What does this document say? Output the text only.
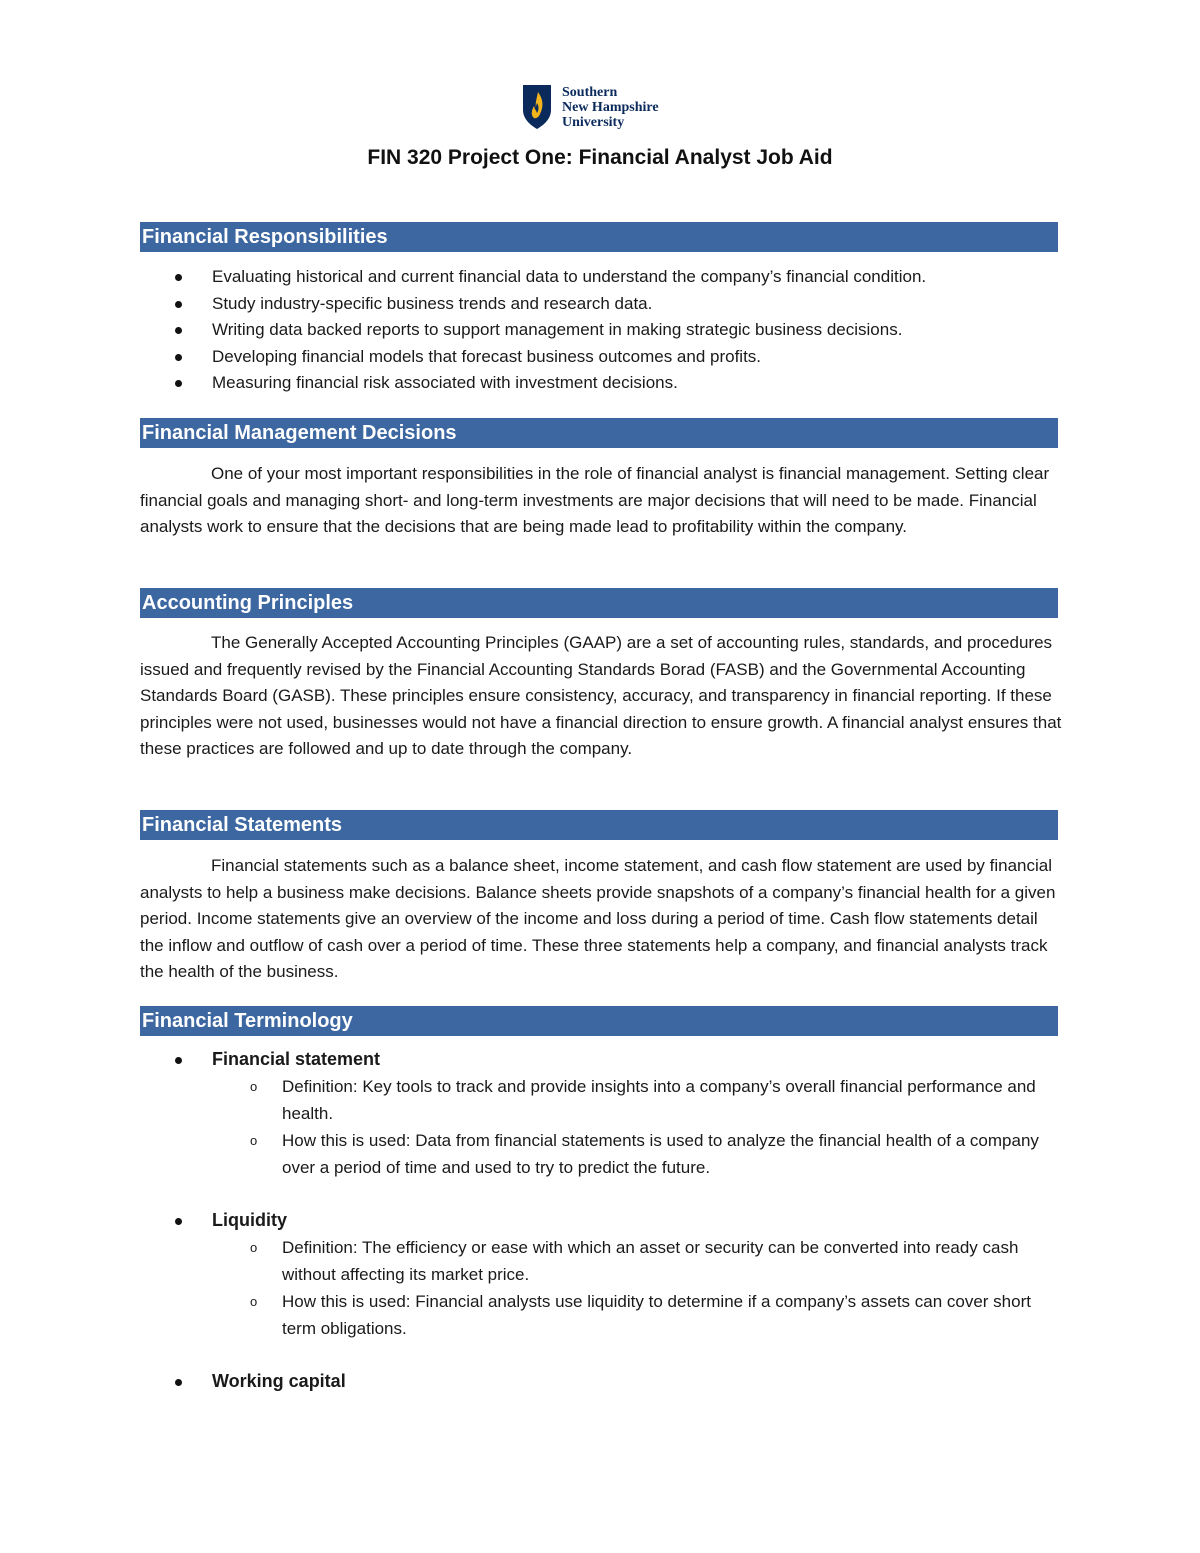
Southern
New Hampshire
University
FIN 320 Project One: Financial Analyst Job Aid
Financial Responsibilities
Evaluating historical and current financial data to understand the company’s financial condition.
Study industry-specific business trends and research data.
Writing data backed reports to support management in making strategic business decisions.
Developing financial models that forecast business outcomes and profits.
Measuring financial risk associated with investment decisions.
Financial Management Decisions

One of your most important responsibilities in the role of financial analyst is financial management. Setting clear financial goals and managing short- and long-term investments are major decisions that will need to be made. Financial analysts work to ensure that the decisions that are being made lead to profitability within the company.

Accounting Principles

The Generally Accepted Accounting Principles (GAAP) are a set of accounting rules, standards, and procedures issued and frequently revised by the Financial Accounting Standards Borad (FASB) and the Governmental Accounting Standards Board (GASB). These principles ensure consistency, accuracy, and transparency in financial reporting. If these principles were not used, businesses would not have a financial direction to ensure growth. A financial analyst ensures that these practices are followed and up to date through the company.

Financial Statements

Financial statements such as a balance sheet, income statement, and cash flow statement are used by financial analysts to help a business make decisions. Balance sheets provide snapshots of a company’s financial health for a given period. Income statements give an overview of the income and loss during a period of time. Cash flow statements detail the inflow and outflow of cash over a period of time. These three statements help a company, and financial analysts track the health of the business.

Financial Terminology
Financial statement
o Definition: Key tools to track and provide insights into a company’s overall financial performance and health.
o How this is used: Data from financial statements is used to analyze the financial health of a company over a period of time and used to try to predict the future.
Liquidity
o Definition: The efficiency or ease with which an asset or security can be converted into ready cash without affecting its market price.
o How this is used: Financial analysts use liquidity to determine if a company’s assets can cover short term obligations.
Working capital
